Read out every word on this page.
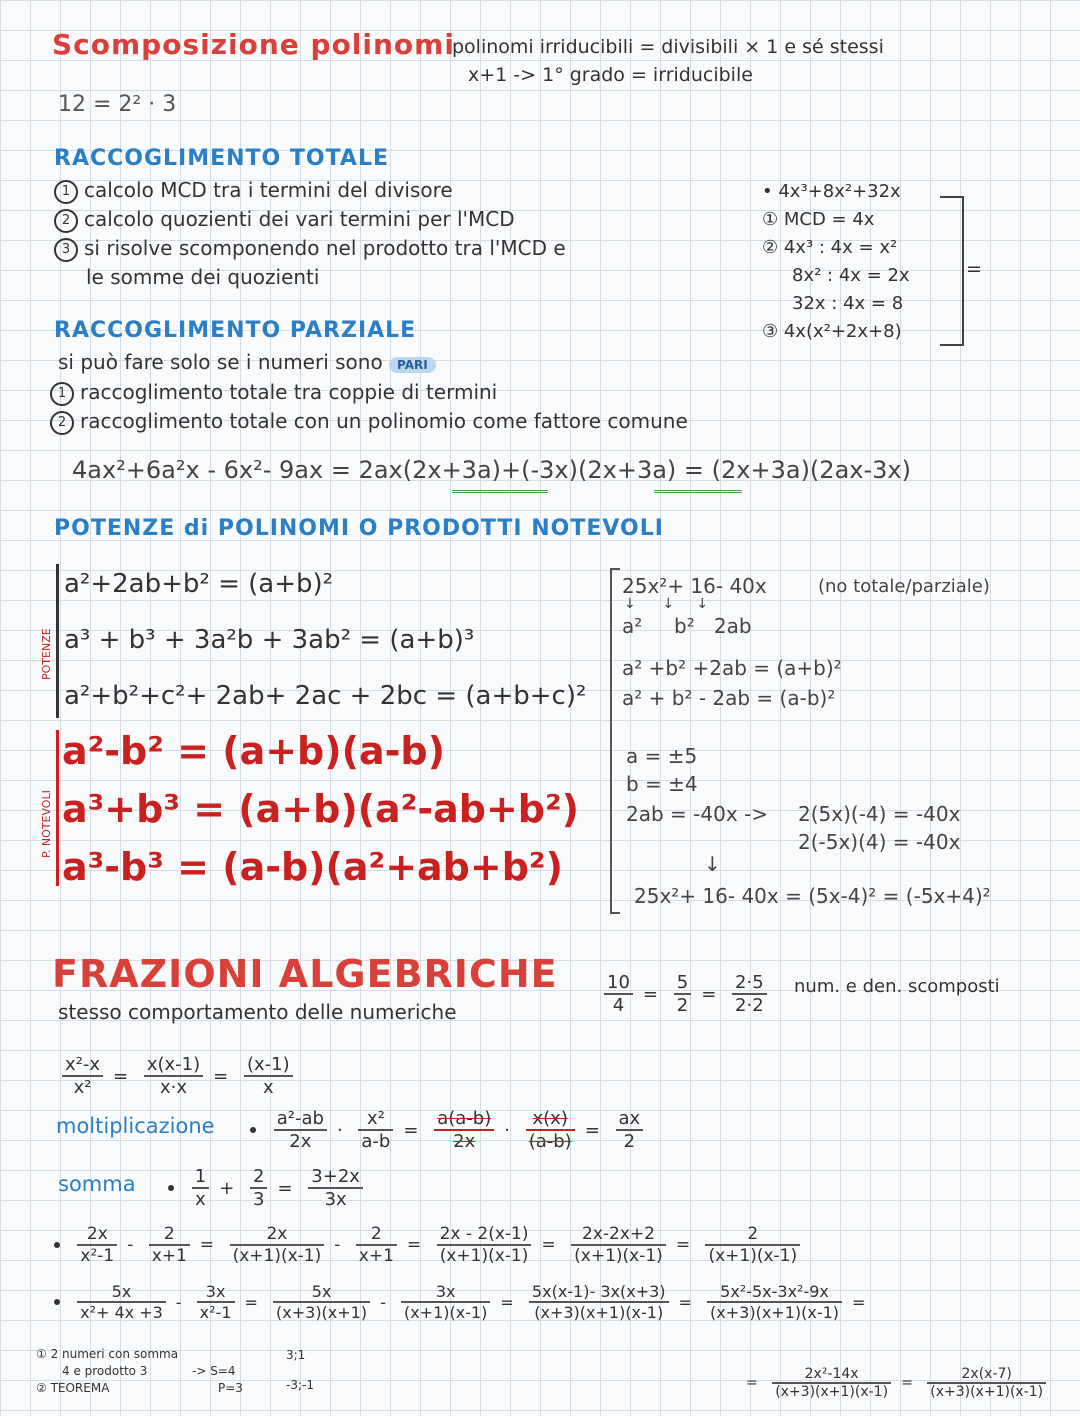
Scomposizione polinomi
polinomi irriducibili = divisibili × 1 e sé stessi
x+1 -> 1° grado = irriducibile
12 = 2² · 3
RACCOGLIMENTO TOTALE
1 calcolo MCD tra i termini del divisore
2 calcolo quozienti dei vari termini per l'MCD
3 si risolve scomponendo nel prodotto tra l'MCD e
le somme dei quozienti
• 4x³+8x²+32x
① MCD = 4x
② 4x³ : 4x = x²
8x² : 4x = 2x
32x : 4x = 8
③ 4x(x²+2x+8)
=
RACCOGLIMENTO PARZIALE
si può fare solo se i numeri sono PARI
1 raccoglimento totale tra coppie di termini
2 raccoglimento totale con un polinomio come fattore comune
4ax²+6a²x - 6x²- 9ax = 2ax(2x+3a)+(-3x)(2x+3a) = (2x+3a)(2ax-3x)
POTENZE di POLINOMI O PRODOTTI NOTEVOLI
POTENZE
a²+2ab+b² = (a+b)²
a³ + b³ + 3a²b + 3ab² = (a+b)³
a²+b²+c²+ 2ab+ 2ac + 2bc = (a+b+c)²
P. NOTEVOLI
a²-b² = (a+b)(a-b)
a³+b³ = (a+b)(a²-ab+b²)
a³-b³ = (a-b)(a²+ab+b²)
25x²+ 16- 40x	(no totale/parziale)
↓      ↓     ↓
a²     b²   2ab
a² +b² +2ab = (a+b)²
a² + b² - 2ab = (a-b)²
a = ±5
b = ±4
2ab = -40x -> 2(5x)(-4) = -40x
2(-5x)(4) = -40x
↓
25x²+ 16- 40x = (5x-4)² = (-5x+4)²
FRAZIONI ALGEBRICHE
stesso comportamento delle numeriche	$\frac{10}{4} = \frac{5}{2} = \frac{2\cdot 5}{2\cdot 2}$ num. e den. scomposti
$\frac{\text{x²-x}}{\text{x²}} = \frac{x(x-1)}{x\cdot x} = \frac{(x-1)}{x}$
moltiplicazione
	$\frac{\text{a²-ab}}{2x} \cdot \frac{\text{x²}}{a-b} = \frac{a(a-b)}{2x} \cdot \frac{x(x)}{(a-b)} = \frac{ax}{2}$
somma
	$\frac{1}{x} + \frac{2}{3} = \frac{3+2x}{3x}$

$\frac{2x}{\text{x²-1}} - \frac{2}{x+1} = \frac{2x}{(x+1)(x-1)} - \frac{2}{x+1} = \frac{2x - 2(x-1)}{(x+1)(x-1)} = \frac{2x-2x+2}{(x+1)(x-1)} = \frac{2}{(x+1)(x-1)}$

$\frac{5x}{\text{x²+ 4x +3}} - \frac{3x}{\text{x²-1}} = \frac{5x}{(x+3)(x+1)} - \frac{3x}{(x+1)(x-1)} = \frac{5x(x-1)- 3x(x+3)}{(x+3)(x+1)(x-1)} = \frac{\text{5x²-5x-3x²-9x}}{(x+3)(x+1)(x-1)}$ =
= $\frac{\text{2x²-14x}}{(x+3)(x+1)(x-1)} = \frac{2x(x-7)}{(x+3)(x+1)(x-1)}$
① 2 numeri con somma
4 e prodotto 3	-> S=4
3;1
-3;-1
② TEOREMA	P=3
